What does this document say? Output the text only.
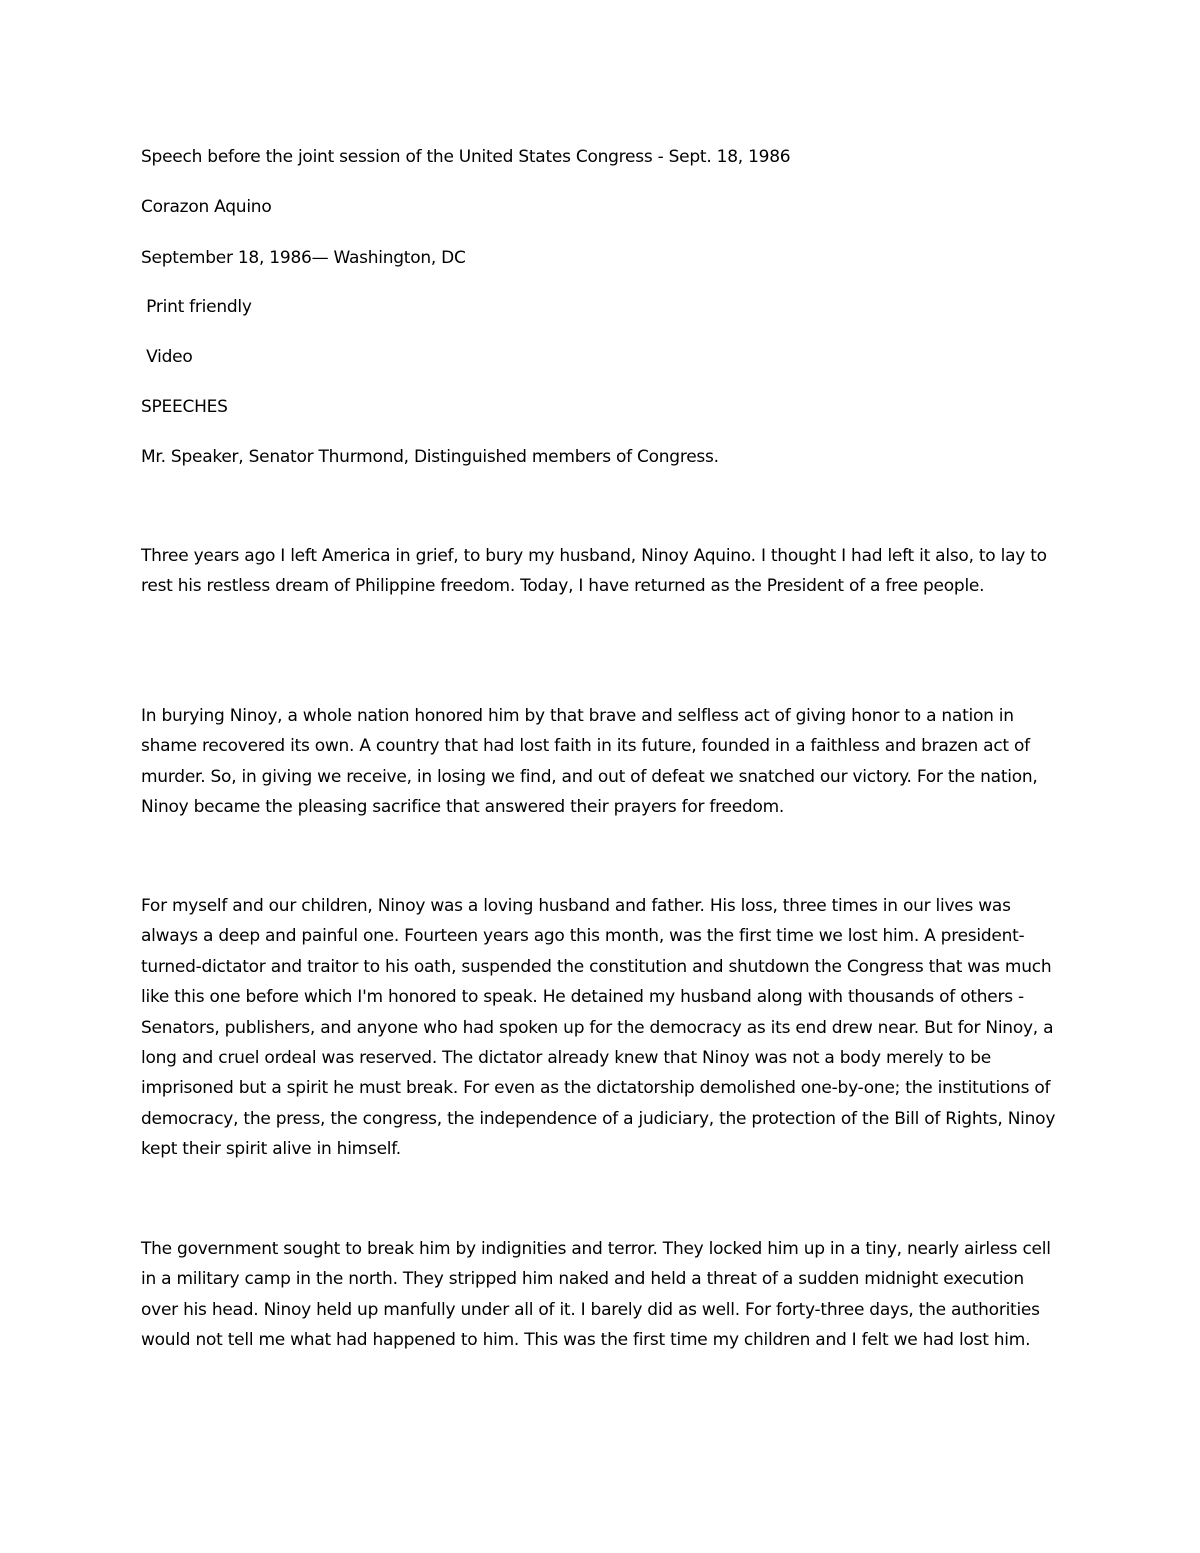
Speech before the joint session of the United States Congress - Sept. 18, 1986
Corazon Aquino
September 18, 1986— Washington, DC
Print friendly
Video
SPEECHES
Mr. Speaker, Senator Thurmond, Distinguished members of Congress.

Three years ago I left America in grief, to bury my husband, Ninoy Aquino. I thought I had left it also, to lay to rest his restless dream of Philippine freedom. Today, I have returned as the President of a free people.

In burying Ninoy, a whole nation honored him by that brave and selfless act of giving honor to a nation in shame recovered its own. A country that had lost faith in its future, founded in a faithless and brazen act of murder. So, in giving we receive, in losing we find, and out of defeat we snatched our victory. For the nation, Ninoy became the pleasing sacrifice that answered their prayers for freedom.

For myself and our children, Ninoy was a loving husband and father. His loss, three times in our lives was always a deep and painful one. Fourteen years ago this month, was the first time we lost him. A president-turned-dictator and traitor to his oath, suspended the constitution and shutdown the Congress that was much like this one before which I'm honored to speak. He detained my husband along with thousands of others - Senators, publishers, and anyone who had spoken up for the democracy as its end drew near. But for Ninoy, a long and cruel ordeal was reserved. The dictator already knew that Ninoy was not a body merely to be imprisoned but a spirit he must break. For even as the dictatorship demolished one-by-one; the institutions of democracy, the press, the congress, the independence of a judiciary, the protection of the Bill of Rights, Ninoy kept their spirit alive in himself.

The government sought to break him by indignities and terror. They locked him up in a tiny, nearly airless cell in a military camp in the north. They stripped him naked and held a threat of a sudden midnight execution over his head. Ninoy held up manfully under all of it. I barely did as well. For forty-three days, the authorities would not tell me what had happened to him. This was the first time my children and I felt we had lost him.
